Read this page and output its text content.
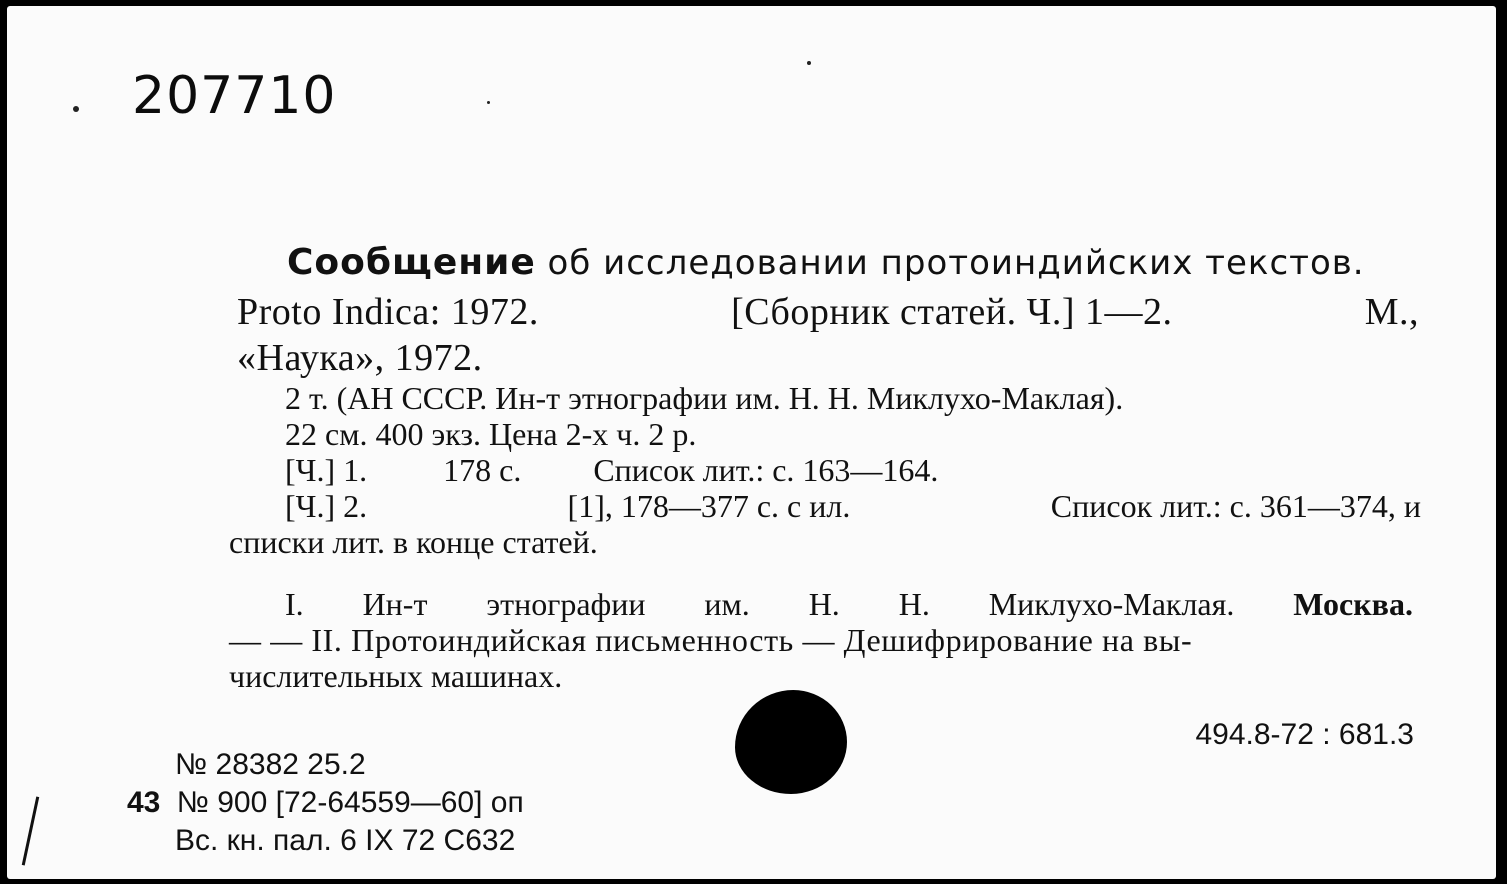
207710
Сообщение об исследовании протоиндийских текстов.
Proto Indica: 1972.	[Сборник статей. Ч.] 1—2.	М.,
«Наука», 1972.
2 т. (АН СССР. Ин-т этнографии им. Н. Н. Миклухо-Маклая).
22 см. 400 экз. Цена 2-х ч. 2 р.
[Ч.] 1. 178 с. Список лит.: с. 163—164.
[Ч.] 2.	[1], 178—377 с. с ил.	Список лит.: с. 361—374, и
списки лит. в конце статей.
I. Ин-т этнографии им. Н. Н. Миклухо-Маклая. Москва.
— — II. Протоиндийская письменность — Дешифрирование на вы-
числительных машинах.
494.8-72 : 681.3
№ 28382 25.2
43 № 900 [72-64559—60] оп
Вс. кн. пал. 6 IX 72 С632
